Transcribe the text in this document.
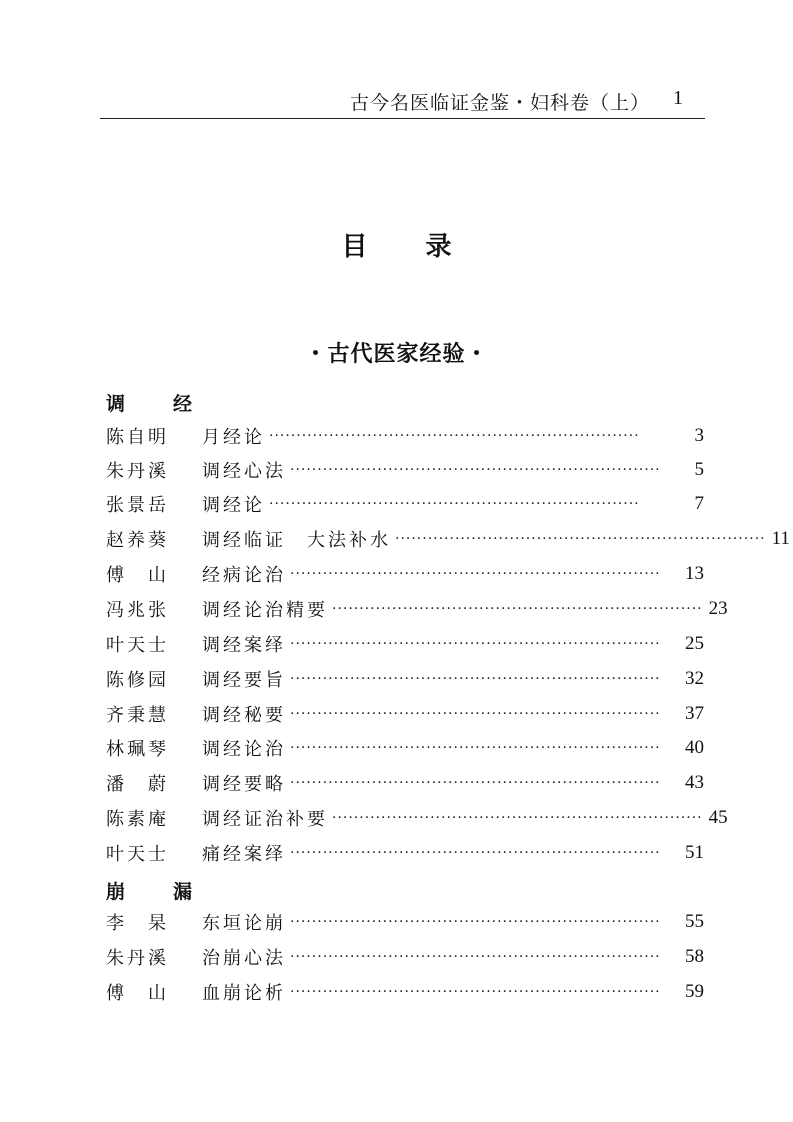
古今名医临证金鉴・妇科卷（上） 1
目录
・古代医家经验・
调经
陈自明	月经论 ····································································	3
朱丹溪	调经心法 ····································································	5
张景岳	调经论 ····································································	7
赵养葵	调经临证　大法补水 ···································································· 11
傅　山	经病论治 ····································································	13
冯兆张	调经论治精要 ···································································· 23
叶天士	调经案绎 ····································································	25
陈修园	调经要旨 ····································································	32
齐秉慧	调经秘要 ····································································	37
林珮琴	调经论治 ····································································	40
潘　蔚	调经要略 ····································································	43
陈素庵	调经证治补要 ···································································· 45
叶天士	痛经案绎 ····································································	51
崩漏
李　杲	东垣论崩 ····································································	55
朱丹溪	治崩心法 ····································································	58
傅　山	血崩论析 ····································································	59
